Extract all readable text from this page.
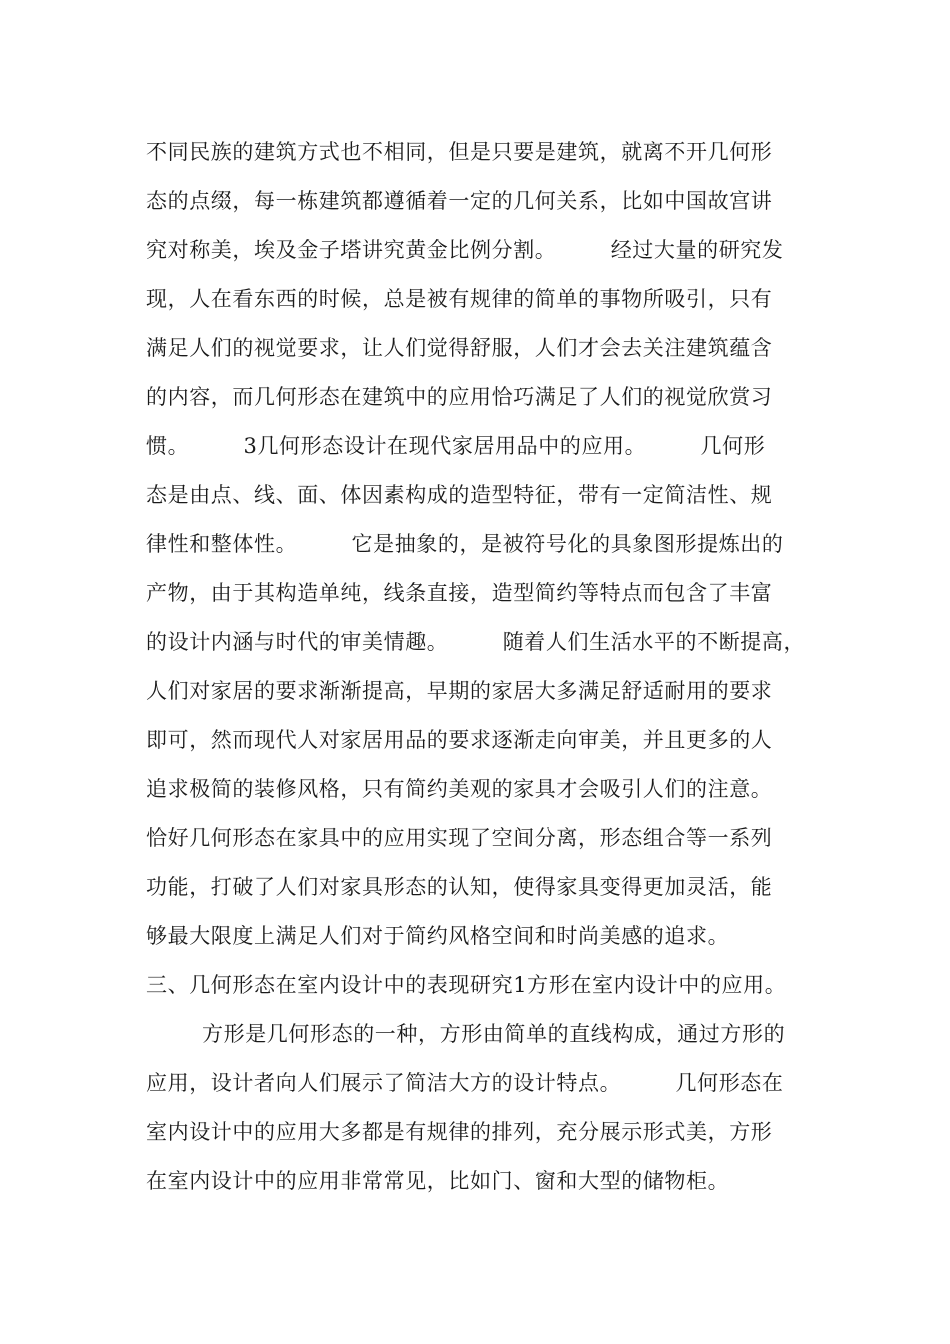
不同民族的建筑方式也不相同，但是只要是建筑，就离不开几何形
态的点缀，每一栋建筑都遵循着一定的几何关系，比如中国故宫讲
究对称美，埃及金子塔讲究黄金比例分割。　　　经过大量的研究发
现，人在看东西的时候，总是被有规律的简单的事物所吸引，只有
满足人们的视觉要求，让人们觉得舒服，人们才会去关注建筑蕴含
的内容，而几何形态在建筑中的应用恰巧满足了人们的视觉欣赏习
惯。　　　3几何形态设计在现代家居用品中的应用。　　　几何形
态是由点、线、面、体因素构成的造型特征，带有一定简洁性、规
律性和整体性。　　　它是抽象的，是被符号化的具象图形提炼出的
产物，由于其构造单纯，线条直接，造型简约等特点而包含了丰富
的设计内涵与时代的审美情趣。　　　随着人们生活水平的不断提高，
人们对家居的要求渐渐提高，早期的家居大多满足舒适耐用的要求
即可，然而现代人对家居用品的要求逐渐走向审美，并且更多的人
追求极简的装修风格，只有简约美观的家具才会吸引人们的注意。
恰好几何形态在家具中的应用实现了空间分离，形态组合等一系列
功能，打破了人们对家具形态的认知，使得家具变得更加灵活，能
够最大限度上满足人们对于简约风格空间和时尚美感的追求。
三、几何形态在室内设计中的表现研究1方形在室内设计中的应用。
方形是几何形态的一种，方形由简单的直线构成，通过方形的
应用，设计者向人们展示了简洁大方的设计特点。　　　几何形态在
室内设计中的应用大多都是有规律的排列，充分展示形式美，方形
在室内设计中的应用非常常见，比如门、窗和大型的储物柜。
